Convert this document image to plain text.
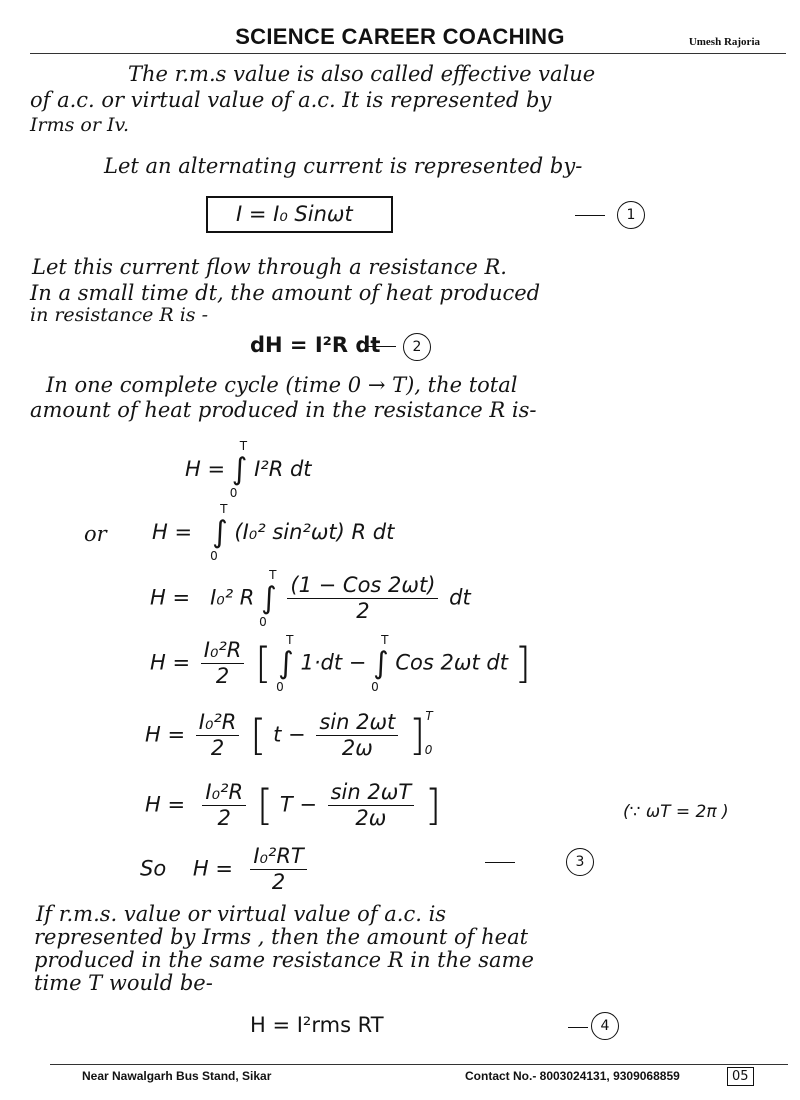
SCIENCE CAREER COACHING	Umesh Rajoria
The r.m.s value is also called effective value
of a.c. or virtual value of a.c. It is represented by
Irms or Iv.
Let an alternating current is represented by-
I = I₀ Sinωt	1
Let this current flow through a resistance R.
In a small time dt, the amount of heat produced
in resistance R is -
dH = I²R dt	2
In one complete cycle (time 0 → T), the total
amount of heat produced in the resistance R is-
H = ∫
T
0
I²R dt
or H = ∫
T
0
(I₀² sin²ωt) R dt
H = I₀² R ∫
T
0
$\frac{\text{(1 − Cos 2ωt)}}{2}$ dt
$H = \frac{\text{I₀²R}}{2}$ [ ∫
T
0
1·dt − ∫
T
0
Cos 2ωt dt ]
$H = \frac{\text{I₀²R}}{2}$ [ $t - \frac{\sin 2\omega t}{2\omega} ]^T_0$
$H = \frac{\text{I₀²R}}{2}$ [ $T - \frac{\sin 2\omega T}{2\omega}$ ]	(∵ ωT = 2π )
So $H = \frac{\text{I₀²RT}}{2}$	3
If r.m.s. value or virtual value of a.c. is
represented by Irms , then the amount of heat
produced in the same resistance R in the same
time T would be-
H = I²rms RT	4
Near Nawalgarh Bus Stand, Sikar	Contact No.- 8003024131, 9309068859	05
